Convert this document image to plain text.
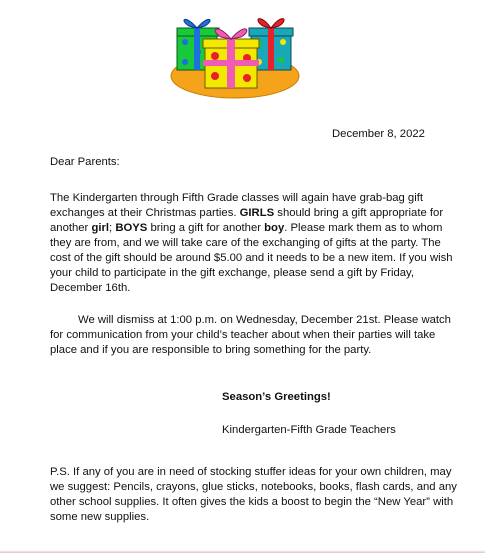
December 8, 2022
Dear Parents:

The Kindergarten through Fifth Grade classes will again have grab-bag gift exchanges at their Christmas parties. GIRLS should bring a gift appropriate for another girl; BOYS bring a gift for another boy. Please mark them as to whom they are from, and we will take care of the exchanging of gifts at the party. The cost of the gift should be around $5.00 and it needs to be a new item. If you wish your child to participate in the gift exchange, please send a gift by Friday, December 16th.

We will dismiss at 1:00 p.m. on Wednesday, December 21st. Please watch for communication from your child’s teacher about when their parties will take place and if you are responsible to bring something for the party.

Season’s Greetings!
Kindergarten-Fifth Grade Teachers

P.S. If any of you are in need of stocking stuffer ideas for your own children, may we suggest: Pencils, crayons, glue sticks, notebooks, books, flash cards, and any other school supplies. It often gives the kids a boost to begin the “New Year” with some new supplies.
